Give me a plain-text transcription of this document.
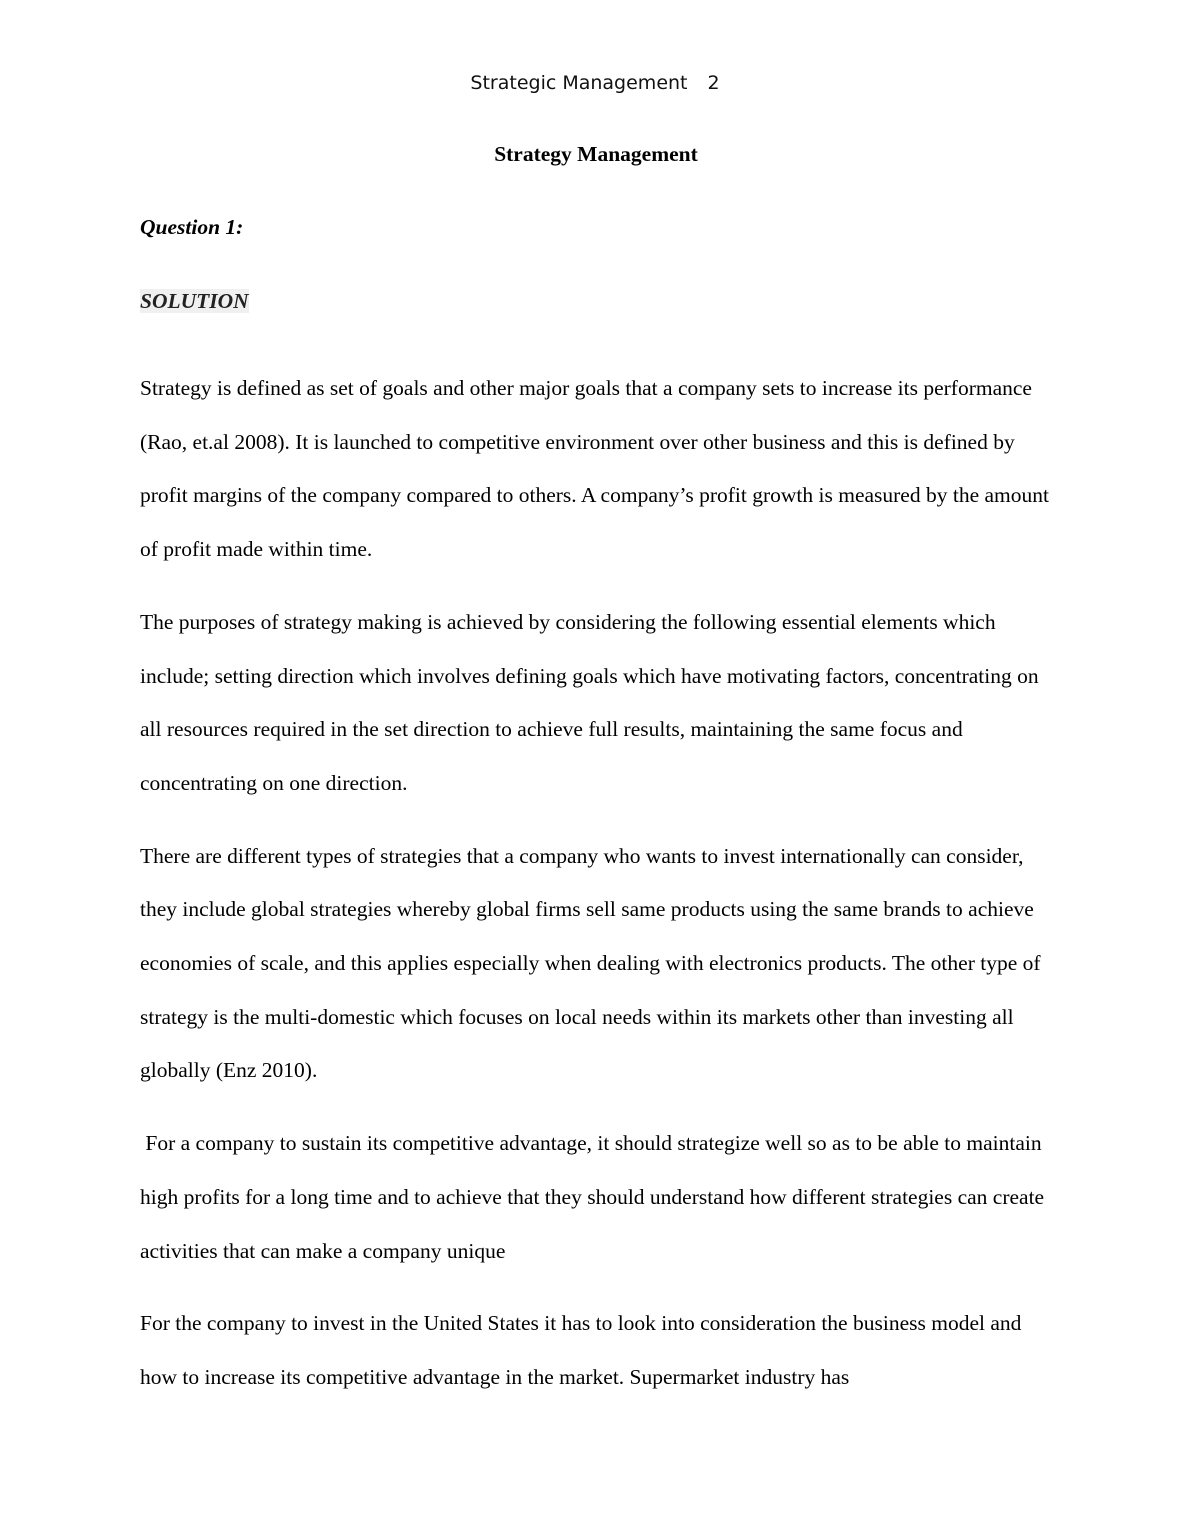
Strategic Management 2
Strategy Management
Question 1:
SOLUTION

Strategy is defined as set of goals and other major goals that a company sets to increase its performance (Rao, et.al 2008). It is launched to competitive environment over other business and this is defined by profit margins of the company compared to others. A company’s profit growth is measured by the amount of profit made within time.

The purposes of strategy making is achieved by considering the following essential elements which include; setting direction which involves defining goals which have motivating factors, concentrating on all resources required in the set direction to achieve full results, maintaining the same focus and concentrating on one direction.

There are different types of strategies that a company who wants to invest internationally can consider, they include global strategies whereby global firms sell same products using the same brands to achieve economies of scale, and this applies especially when dealing with electronics products. The other type of strategy is the multi-domestic which focuses on local needs within its markets other than investing all globally (Enz 2010).

For a company to sustain its competitive advantage, it should strategize well so as to be able to maintain high profits for a long time and to achieve that they should understand how different strategies can create activities that can make a company unique

For the company to invest in the United States it has to look into consideration the business model and how to increase its competitive advantage in the market. Supermarket industry has
